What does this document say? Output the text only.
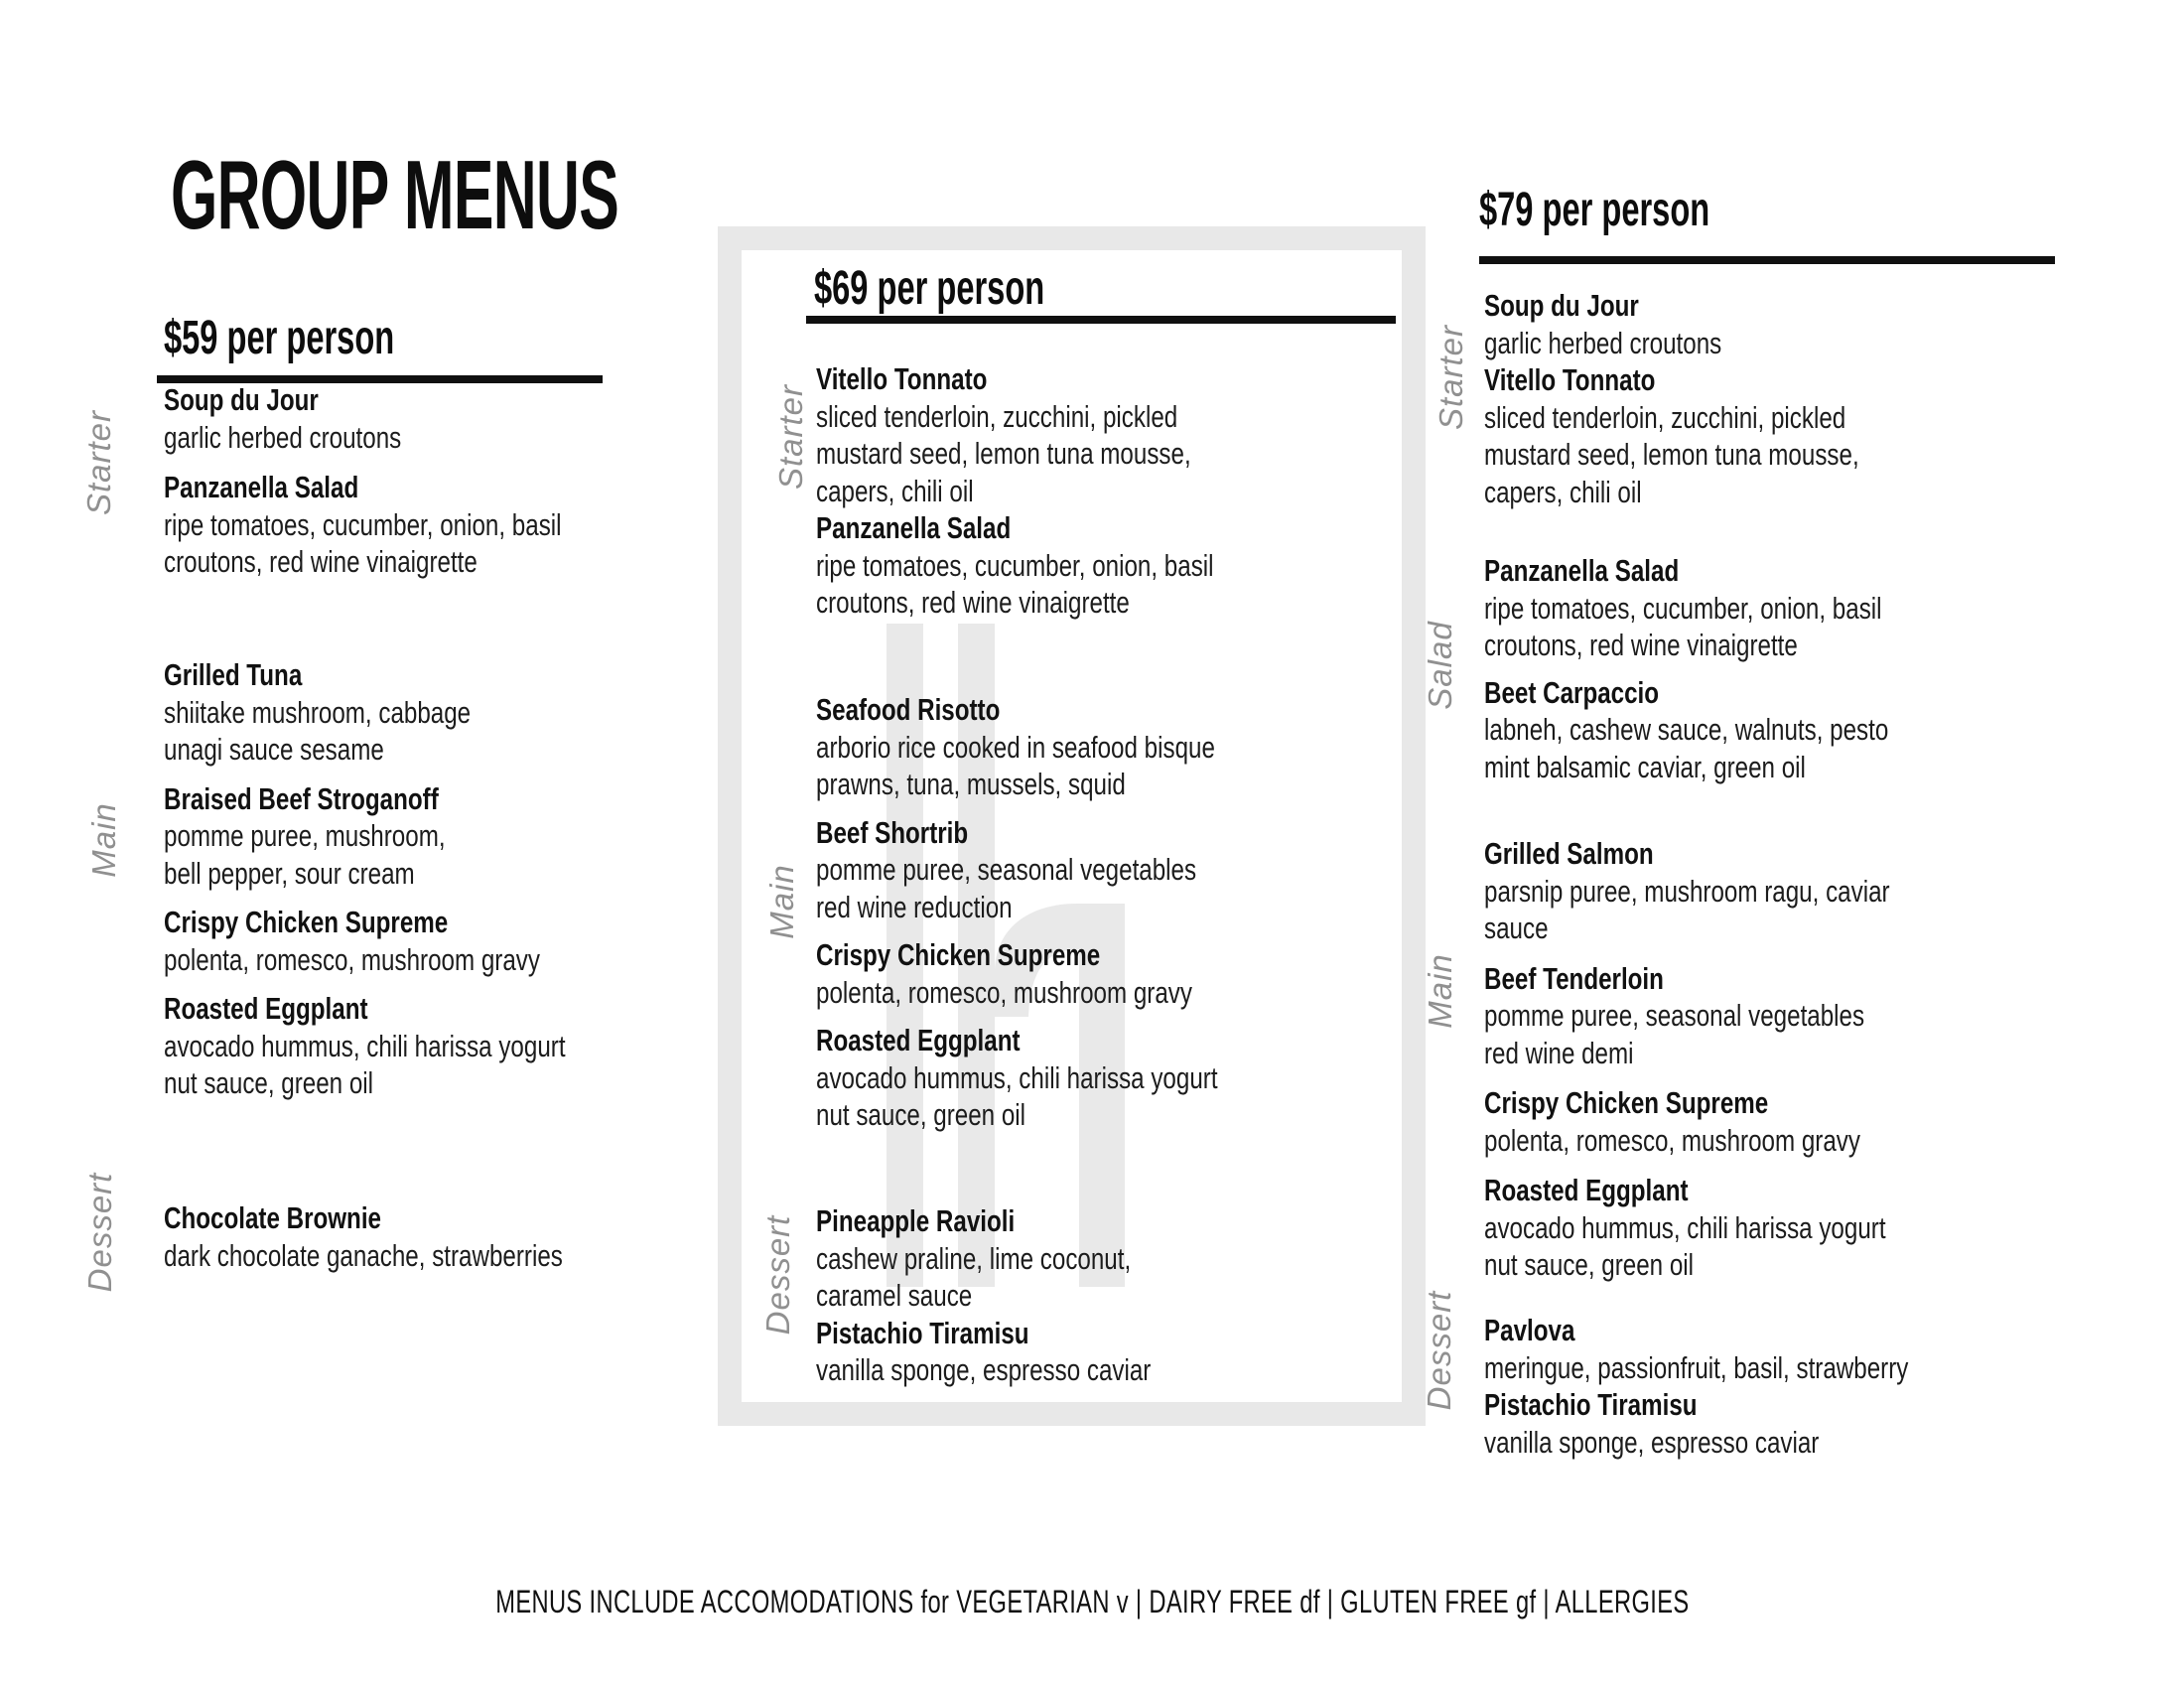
GROUP MENUS
$59 per person
$69 per person
$79 per person
Starter
Main
Dessert
Starter
Main
Dessert
Starter
Salad
Main
Dessert
Soup du Jour
garlic herbed croutons
Panzanella Salad
ripe tomatoes, cucumber, onion, basil
croutons, red wine vinaigrette
Grilled Tuna
shiitake mushroom, cabbage
unagi sauce sesame
Braised Beef Stroganoff
pomme puree, mushroom,
bell pepper, sour cream
Crispy Chicken Supreme
polenta, romesco, mushroom gravy
Roasted Eggplant
avocado hummus, chili harissa yogurt
nut sauce, green oil
Chocolate Brownie
dark chocolate ganache, strawberries
Vitello Tonnato
sliced tenderloin, zucchini, pickled
mustard seed, lemon tuna mousse,
capers, chili oil
Panzanella Salad
ripe tomatoes, cucumber, onion, basil
croutons, red wine vinaigrette
Seafood Risotto
arborio rice cooked in seafood bisque
prawns, tuna, mussels, squid
Beef Shortrib
pomme puree, seasonal vegetables
red wine reduction
Crispy Chicken Supreme
polenta, romesco, mushroom gravy
Roasted Eggplant
avocado hummus, chili harissa yogurt
nut sauce, green oil
Pineapple Ravioli
cashew praline, lime coconut,
caramel sauce
Pistachio Tiramisu
vanilla sponge, espresso caviar
Soup du Jour
garlic herbed croutons
Vitello Tonnato
sliced tenderloin, zucchini, pickled
mustard seed, lemon tuna mousse,
capers, chili oil
Panzanella Salad
ripe tomatoes, cucumber, onion, basil
croutons, red wine vinaigrette
Beet Carpaccio
labneh, cashew sauce, walnuts, pesto
mint balsamic caviar, green oil
Grilled Salmon
parsnip puree, mushroom ragu, caviar
sauce
Beef Tenderloin
pomme puree, seasonal vegetables
red wine demi
Crispy Chicken Supreme
polenta, romesco, mushroom gravy
Roasted Eggplant
avocado hummus, chili harissa yogurt
nut sauce, green oil
Pavlova
meringue, passionfruit, basil, strawberry
Pistachio Tiramisu
vanilla sponge, espresso caviar
MENUS INCLUDE ACCOMODATIONS for VEGETARIAN v | DAIRY FREE df | GLUTEN FREE gf | ALLERGIES
